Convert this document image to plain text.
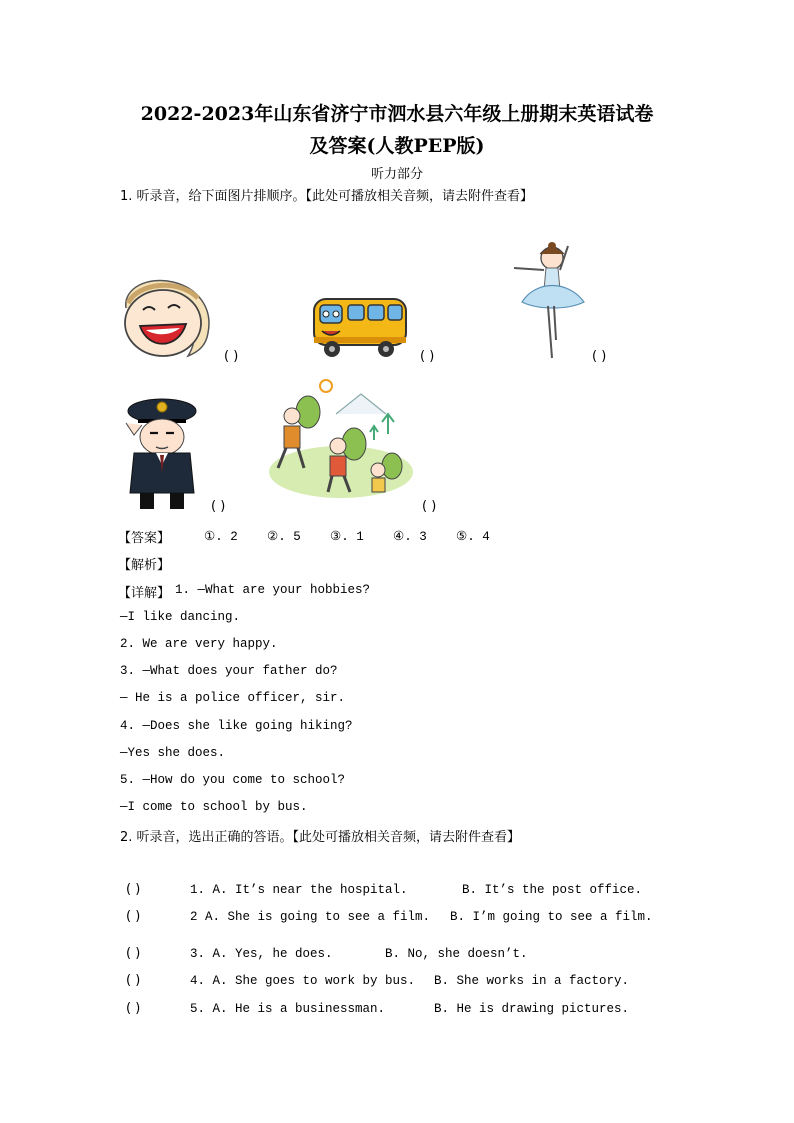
2022-2023年山东省济宁市泗水县六年级上册期末英语试卷
及答案(人教PEP版)
听力部分
1. 听录音，给下面图片排顺序。【此处可播放相关音频，请去附件查看】
( )	( )	( )
( )	( )
【答案】	①. 2 ②. 5 ③. 1 ④. 3 ⑤. 4
【解析】
【详解】 1. —What are your hobbies?
—I like dancing.
2. We are very happy.
3. —What does your father do?
— He is a police officer, sir.
4. —Does she like going hiking?
—Yes she does.
5. —How do you come to school?
—I come to school by bus.
2. 听录音，选出正确的答语。【此处可播放相关音频，请去附件查看】
( )	1. A. It’s near the hospital.	B. It’s the post office.
( )	2 A. She is going to see a film. B. I’m going to see a film.
( )	3. A. Yes, he does.	B. No, she doesn’t.
( )	4. A. She goes to work by bus. B. She works in a factory.
( )	5. A. He is a businessman.	B. He is drawing pictures.
